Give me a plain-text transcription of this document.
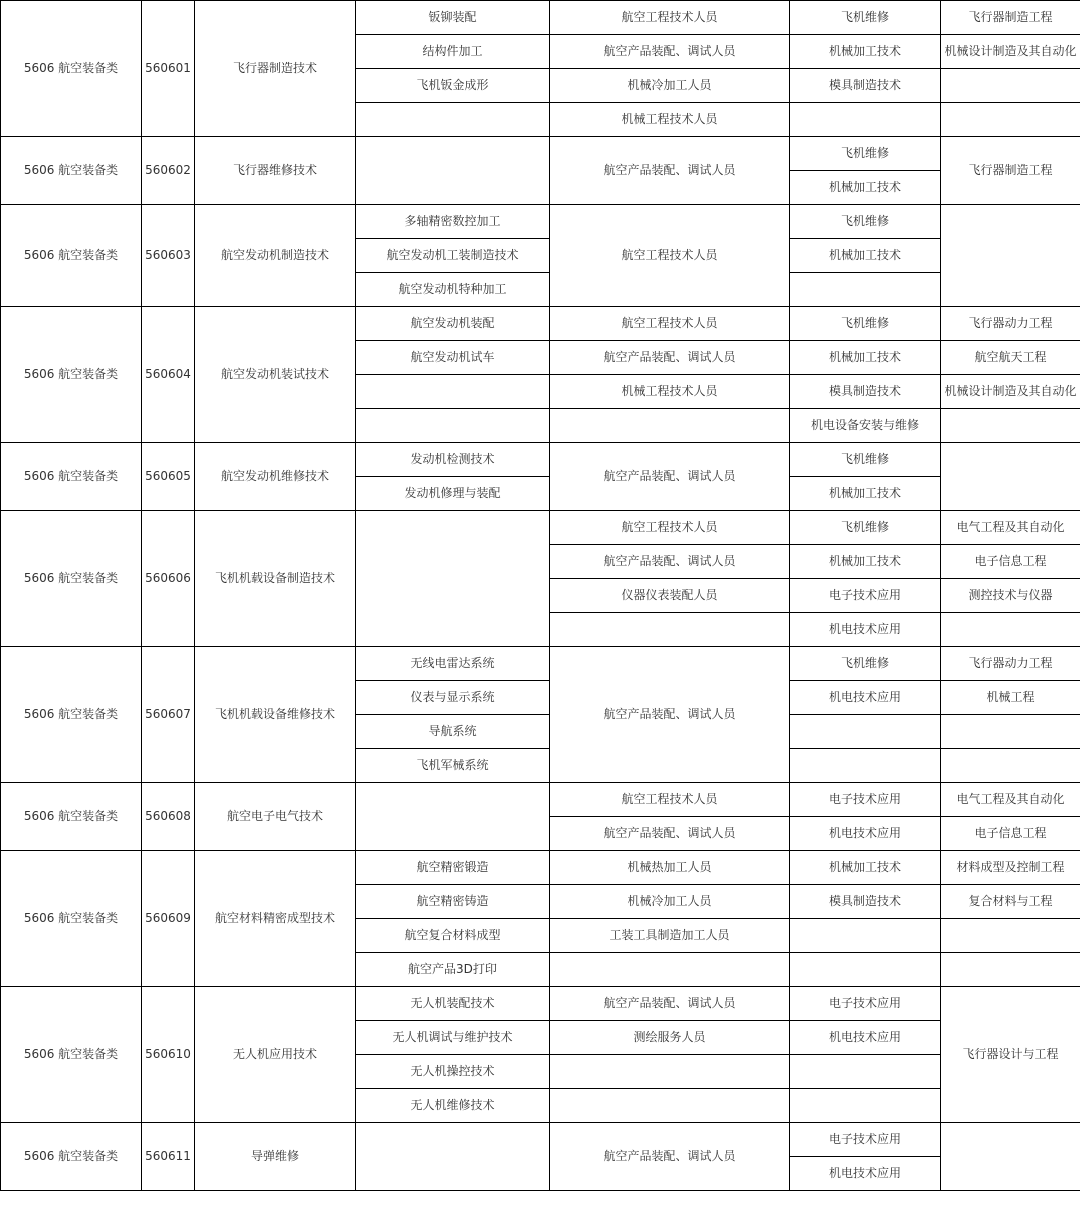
5606 航空装备类	560601	飞行器制造技术	钣铆装配	航空工程技术人员	飞机维修	飞行器制造工程
			结构件加工	航空产品装配、调试人员	机械加工技术	机械设计制造及其自动化
			飞机钣金成形	机械冷加工人员	模具制造技术	
				机械工程技术人员		
5606 航空装备类	560602	飞行器维修技术		航空产品装配、调试人员	飞机维修	飞行器制造工程
					机械加工技术	
5606 航空装备类	560603	航空发动机制造技术	多轴精密数控加工	航空工程技术人员	飞机维修	
			航空发动机工装制造技术		机械加工技术	
			航空发动机特种加工			
5606 航空装备类	560604	航空发动机装试技术	航空发动机装配	航空工程技术人员	飞机维修	飞行器动力工程
			航空发动机试车	航空产品装配、调试人员	机械加工技术	航空航天工程
				机械工程技术人员	模具制造技术	机械设计制造及其自动化
					机电设备安装与维修	
5606 航空装备类	560605	航空发动机维修技术	发动机检测技术	航空产品装配、调试人员	飞机维修	
			发动机修理与装配		机械加工技术	
5606 航空装备类	560606	飞机机载设备制造技术		航空工程技术人员	飞机维修	电气工程及其自动化
				航空产品装配、调试人员	机械加工技术	电子信息工程
				仪器仪表装配人员	电子技术应用	测控技术与仪器
					机电技术应用	
5606 航空装备类	560607	飞机机载设备维修技术	无线电雷达系统	航空产品装配、调试人员	飞机维修	飞行器动力工程
			仪表与显示系统		机电技术应用	机械工程
			导航系统			
			飞机军械系统			
5606 航空装备类	560608	航空电子电气技术		航空工程技术人员	电子技术应用	电气工程及其自动化
				航空产品装配、调试人员	机电技术应用	电子信息工程
5606 航空装备类	560609	航空材料精密成型技术	航空精密锻造	机械热加工人员	机械加工技术	材料成型及控制工程
			航空精密铸造	机械冷加工人员	模具制造技术	复合材料与工程
			航空复合材料成型	工装工具制造加工人员		
			航空产品3D打印			
5606 航空装备类	560610	无人机应用技术	无人机装配技术	航空产品装配、调试人员	电子技术应用	飞行器设计与工程
			无人机调试与维护技术	测绘服务人员	机电技术应用	
			无人机操控技术			
			无人机维修技术			
5606 航空装备类	560611	导弹维修		航空产品装配、调试人员	电子技术应用	
					机电技术应用	
